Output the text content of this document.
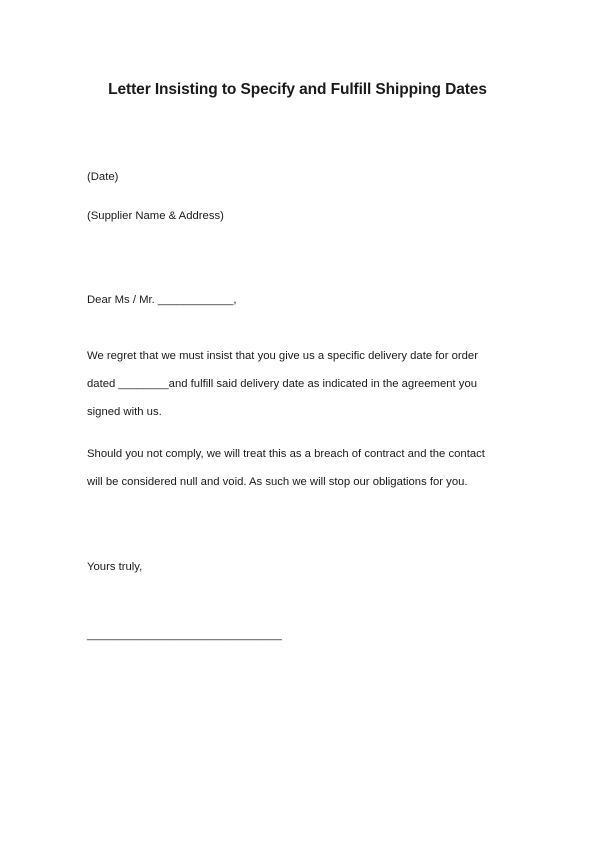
Letter Insisting to Specify and Fulfill Shipping Dates

(Date)

(Supplier Name & Address)

Dear Ms / Mr. ____________,

We regret that we must insist that you give us a specific delivery date for order

dated ________and fulfill said delivery date as indicated in the agreement you

signed with us.

Should you not comply, we will treat this as a breach of contract and the contact

will be considered null and void. As such we will stop our obligations for you.

Yours truly,

_______________________________
